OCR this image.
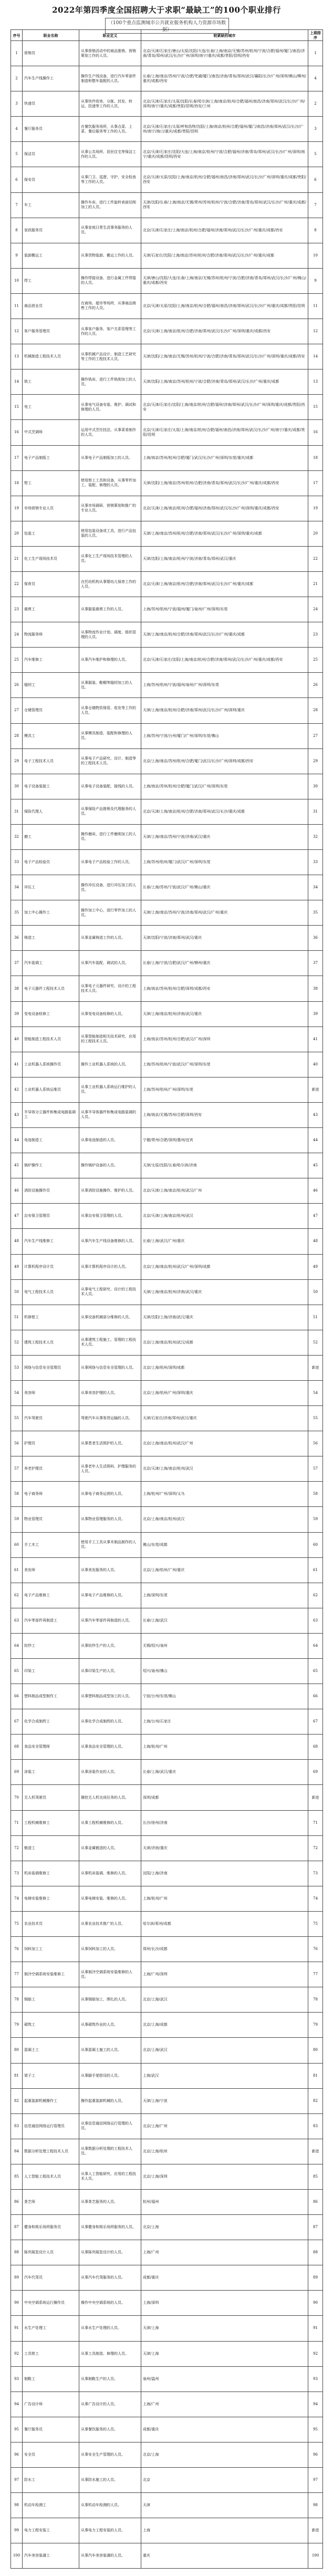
2022年第四季度全国招聘大于求职“最缺工”的100个职业排行
（100个重点监测城市公共就业服务机构人力资源市场数据）
序号	职业名称	职业定义	较紧缺的城市	上期排序
1	营销员	从事营销活动中的商品推销、营销策划工作的人员。	北京/天津/石家庄/唐山/太原/沈阳/大连/长春/上海/南京/无锡/苏州/杭州/宁波/合肥/福州/厦门/南昌/济南/青岛/郑州/武汉/长沙/广州/深圳/南宁/重庆/成都/贵阳/昆明/西安	1
2	汽车生产线操作工	操作生产线设备，进行汽车零部件制造和整车装配的人员。	长春/上海/南京/苏州/宁波/合肥/芜湖/厦门/南昌/济南/青岛/郑州/武汉/襄阳/长沙/广州/深圳/佛山/柳州/重庆/成都/西安	4
3	快递员	从事快件收寄、分拣、封发、转运、投递等工作的人员。	北京/天津/石家庄/太原/沈阳/长春/哈尔滨/上海/南京/杭州/合肥/福州/南昌/济南/郑州/武汉/长沙/广州/深圳/南宁/重庆/成都/贵阳/昆明/西安/兰州	2
4	餐厅服务员	在餐饮服务场所，从事点菜、上菜、餐后服务等工作的人员。	北京/天津/石家庄/太原/呼和浩特/沈阳/上海/南京/杭州/合肥/福州/厦门/南昌/济南/郑州/武汉/长沙/广州/南宁/海口/重庆/成都/贵阳/昆明	3
5	保洁员	从事公共场所、居民住宅等保洁工作的人员。	北京/天津/石家庄/沈阳/大连/上海/南京/杭州/宁波/合肥/福州/济南/青岛/郑州/武汉/长沙/广州/深圳/南宁/重庆/成都/昆明/西安	5
6	保安员	从事门卫、巡逻、守护、安全检查等工作的人员。	北京/天津/太原/沈阳/上海/南京/杭州/合肥/福州/南昌/济南/郑州/武汉/长沙/广州/深圳/重庆/成都/贵阳/西安	6
7	车工	操作车床，进行工件旋转表面切削加工的人员。	天津/沈阳/长春/上海/南京/无锡/常州/苏州/杭州/宁波/合肥/济南/青岛/郑州/武汉/长沙/广州/重庆/成都/西安	7
8	家政服务员	从事家庭日常生活事务服务的人员。	北京/天津/石家庄/上海/南京/杭州/合肥/福州/济南/郑州/武汉/长沙/广州/重庆/成都/西安	8
9	装卸搬运工	从事货物装卸、搬运工作的人员。	天津/石家庄/沈阳/上海/南京/苏州/杭州/合肥/济南/郑州/武汉/长沙/广州/重庆/成都	10
10	焊工	操作焊接设备，进行金属工件焊接的人员。	天津/唐山/沈阳/大连/长春/上海/南京/无锡/苏州/杭州/宁波/合肥/济南/青岛/郑州/武汉/长沙/广州/佛山/重庆/成都/西安	9
11	商品营业员	在商场、超市等场所，从事商品销售工作的人员。	北京/天津/太原/沈阳/上海/南京/杭州/合肥/福州/南昌/济南/郑州/武汉/长沙/广州/重庆/成都/贵阳/昆明	11
12	客户服务管理员	从事客户服务、客户关系管理等工作的人员。	北京/天津/上海/南京/杭州/合肥/济南/郑州/武汉/长沙/广州/深圳/重庆/成都/西安	12
13	机械制造工程技术人员	从事机械产品设计、制造工艺研究等工作的工程技术人员。	天津/沈阳/上海/南京/无锡/苏州/杭州/宁波/合肥/济南/青岛/郑州/武汉/长沙/广州/深圳/重庆/成都/西安	14
14	铣工	操作铣床，进行工件铣削加工的人员。	天津/沈阳/上海/南京/苏州/杭州/宁波/合肥/济南/青岛/郑州/武汉/长沙/广州/重庆/成都	13
15	电工	从事电气设备安装、维护、调试和修理的人员。	北京/天津/石家庄/沈阳/上海/南京/杭州/合肥/福州/济南/郑州/武汉/长沙/广州/深圳/重庆/成都/贵阳/西安	15
16	中式烹调师	运用中式烹饪技法，从事菜肴制作的人员。	北京/天津/石家庄/太原/上海/南京/杭州/合肥/福州/南昌/济南/郑州/武汉/长沙/广州/南宁/重庆/成都/贵阳/昆明	16
17	电子产品制版工	从事电子产品制版加工的人员。	上海/南京/苏州/杭州/合肥/厦门/武汉/长沙/广州/深圳/东莞/重庆/成都	18
18	钳工	使用钳工工具和设备，从事零件加工、装配、修理的人员。	天津/沈阳/上海/南京/苏州/杭州/合肥/济南/青岛/郑州/武汉/长沙/广州/重庆/成都/西安	17
19	市场营销专业人员	从事市场调研、营销策划和推广的专业人员。	北京/天津/上海/南京/杭州/合肥/福州/济南/郑州/武汉/长沙/广州/深圳/重庆/成都/西安	19
20	包装工	使用包装设备或工具，进行产品包装的人员。	天津/上海/南京/苏州/杭州/合肥/济南/郑州/武汉/长沙/广州/深圳/重庆/成都	20
21	化工生产现场技术员	从事化工生产现场技术管理的人员。	天津/沈阳/上海/南京/杭州/宁波/济南/青岛/郑州/武汉/重庆	22
22	保育员	在托幼机构从事婴幼儿保育工作的人员。	北京/天津/上海/南京/杭州/合肥/济南/郑州/武汉/长沙/广州/重庆/成都	21
23	裁剪工	从事服装裁剪工作的人员。	上海/苏州/杭州/宁波/福州/厦门/泉州/广州/深圳/东莞	24
24	物流服务师	从事物流作业计划、调度、组织管理的人员。	天津/上海/南京/杭州/合肥/济南/郑州/武汉/长沙/广州/重庆/成都	23
25	汽车维修工	从事汽车维护和修理的人员。	北京/天津/石家庄/沈阳/上海/南京/杭州/合肥/济南/郑州/武汉/长沙/广州/重庆/成都/西安	25
26	缝纫工	从事服装、鞋帽等缝纫加工的人员。	上海/苏州/杭州/宁波/福州/泉州/广州/深圳/东莞	26
27	仓储管理员	从事仓储物资保管、收发等工作的人员。	天津/上海/南京/杭州/合肥/济南/郑州/武汉/长沙/广州/深圳/重庆	28
28	模具工	从事模具制造、装配和修理的人员。	上海/苏州/宁波/台州/厦门/广州/深圳/东莞/佛山	27
29	电子工程技术人员	从事电子产品研究、设计、制造等的工程技术人员。	北京/上海/南京/苏州/杭州/合肥/厦门/武汉/长沙/广州/深圳/成都/西安	29
30	电子设备装接工	从事电子设备装配、接线的人员。	上海/南京/苏州/杭州/合肥/厦门/武汉/广州/深圳/东莞	30
31	保险代理人	从事保险产品推销及代理服务的人员。	北京/天津/上海/南京/杭州/合肥/济南/郑州/武汉/长沙/重庆/成都	31
32	磨工	操作磨床，进行工件磨削加工的人员。	天津/上海/南京/苏州/宁波/济南/武汉/重庆	32
33	电子产品检验员	从事电子产品检验工作的人员。	上海/苏州/杭州/厦门/武汉/广州/深圳/东莞	33
34	冲压工	操作冲压设备，进行冲压加工的人员。	长春/上海/苏州/宁波/武汉/广州/佛山/重庆	34
35	加工中心操作工	操作加工中心，进行零件加工的人员。	天津/上海/南京/苏州/宁波/济南/郑州/武汉/广州/重庆	35
36	铸造工	从事金属铸造工作的人员。	天津/沈阳/宁波/济南/郑州/武汉/重庆	36
37	汽车装调工	从事汽车装配、调试的人员。	长春/上海/宁波/合肥/武汉/广州/柳州/重庆	37
38	电子元器件工程技术人员	从事电子元器件研究、设计的工程技术人员。	上海/南京/苏州/杭州/合肥/深圳/成都/西安	38
39	变电设备检修工	从事变电设备检修的人员。	天津/上海/南京/杭州/济南/武汉/重庆	39
40	智能制造工程技术人员	从事智能制造相关技术研究、应用的工程技术人员。	上海/南京/苏州/杭州/合肥/武汉/广州/深圳	41
41	工业机器人系统操作员	操作工业机器人系统的人员。	上海/苏州/杭州/宁波/武汉/广州/深圳/东莞	40
42	工业机器人系统运维员	从事工业机器人系统运行维护的人员。	上海/苏州/杭州/广州/深圳/东莞	新进
43	半导体分立器件和集成电路装调工	从事半导体器件和集成电路装调的人员。	上海/南京/无锡/苏州/合肥/深圳/西安	43
44	电池制造工	从事电池制造的人员。	宁德/常州/合肥/深圳/惠州/宜宾	44
45	锅炉操作工	操作锅炉设备的人员。	天津/太原/沈阳/长春/哈尔滨/济南	45
46	消防设施操作员	从事消防设施操作、维护的人员。	北京/天津/上海/南京/杭州/武汉/广州	46
47	治安保卫管理员	从事治安保卫管理的人员。	北京/天津/上海/南京/杭州/武汉	47
48	汽车生产线维修工	从事汽车生产线设备维修的人员。	长春/上海/武汉/广州/重庆	48
49	计算机程序设计员	从事计算机程序设计的人员。	北京/上海/南京/杭州/武汉/广州/深圳/成都	49
50	电气工程技术人员	从事电气工程研究、设计的工程技术人员。	天津/上海/南京/杭州/济南/武汉/重庆	50
51	机修钳工	从事设备机械部分维修的人员。	天津/沈阳/上海/济南/武汉/重庆	51
52	建筑工程技术人员	从事建筑工程施工、管理的工程技术人员。	北京/上海/南京/杭州/武汉/成都	52
53	网络与信息安全管理员	从事网络与信息安全管理的人员。	北京/上海/杭州/深圳/成都	新进
54	美容师	从事美容护理的人员。	北京/上海/杭州/广州/深圳/重庆	54
55	汽车驾驶员	驾驶汽车从事客货运输的人员。	天津/石家庄/济南/郑州/武汉/重庆	55
56	护理员	从事患者生活照护的人员。	北京/上海/南京/杭州/武汉/广州	56
57	养老护理员	从事老年人生活照料、护理服务的人员。	北京/天津/上海/南京/杭州/武汉	57
58	电子商务师	从事电子商务运营的人员。	上海/杭州/广州/深圳/义乌	58
59	物业管理员	从事物业管理服务的人员。	北京/上海/南京/杭州/武汉	59
60	手工木工	使用手工工具从事木制品制作的人员。	佛山/东莞/成都	60
61	美发师	从事美发服务的人员。	北京/上海/杭州/广州/重庆	61
62	电子产品维修工	从事电子产品维修的人员。	上海/深圳/东莞	62
63	汽车零部件再制造工	从事汽车零部件再制造的人员。	长春/上海/武汉	63
64	纺纱工	从事纺纱生产的人员。	无锡/绍兴/泉州	64
65	印染工	从事印染生产的人员。	绍兴/泉州/佛山	65
66	塑料制品成型制作工	从事塑料制品成型加工的人员。	宁波/台州/东莞/佛山	66
67	化学合成制药工	从事化学合成制药的人员。	上海/台州/石家庄	67
68	食品安全管理师	从事食品安全管理的人员。	上海/杭州/广州	68
69	涂装工	从事涂装作业的人员。	长春/上海/武汉/重庆	69
70	无人机驾驶员	操控无人机完成任务的人员。	深圳/成都	新进
71	工程机械维修工	从事工程机械维修的人员。	长沙/徐州/济南	71
72	锻造工	从事金属锻造的人员。	天津/济南/重庆	72
73	机床装调维修工	从事机床装调、维修的人员。	沈阳/上海/济南	73
74	电梯安装维修工	从事电梯安装、维修的人员。	上海/杭州/广州	74
75	农业技术员	从事农业技术推广的人员。	哈尔滨/郑州/成都	75
76	饲料加工工	从事饲料加工的人员。	郑州/长沙/成都	76
77	制冷空调系统安装维修工	从事制冷空调系统安装维修的人员。	上海/广州/深圳	77
78	钢筋工	从事钢筋加工、绑扎的人员。	北京/上海/武汉	78
79	砌筑工	从事砌筑作业的人员。	北京/上海/成都	79
80	混凝土工	从事混凝土施工的人员。	北京/上海/武汉	80
81	架子工	从事脚手架搭设的人员。	上海/武汉	81
82	起重装卸机械操作工	操作起重装卸机械的人员。	天津/上海/宁波	82
83	信息通信网络运行管理员	从事信息通信网络运行管理的人员。	北京/上海/广州	83
84	数据分析处理工程技术人员	从事数据分析处理的工程技术人员。	北京/上海/杭州	新进
85	人工智能工程技术人员	从事人工智能研究、应用的工程技术人员。	北京/上海/深圳	85
86	茶艺师	从事茶艺服务的人员。	杭州/福州	86
87	健身和娱乐场所服务员	从事健身和娱乐场所服务的人员。	北京/上海	87
88	陈列展览设计人员	从事陈列展览设计的人员。	上海/广州	88
89	汽车代驾员	从事汽车代驾服务的人员。	成都/重庆	89
90	中央空调系统运行操作员	操作中央空调系统的人员。	上海/深圳	90
91	水生产处理工	从事水生产处理的人员。	天津/上海	91
92	工具钳工	从事工具制造、修理的人员。	天津/上海	92
93	制鞋工	从事制鞋生产的人员。	泉州/温州	93
94	广告设计师	从事广告设计的人员。	上海/广州	94
95	餐厅服务员	从事餐饮服务的人员。	成都/重庆	95
96	安全员	从事安全生产管理的人员。	北京/上海	96
97	防水工	从事防水施工的人员。	北京	97
98	机动车检测工	从事机动车检测的人员。	天津	98
99	电力工程安装工	从事电力工程安装的人员。	上海	新进
100	汽车美容装潢工	从事汽车美容装潢的人员。	重庆	100
